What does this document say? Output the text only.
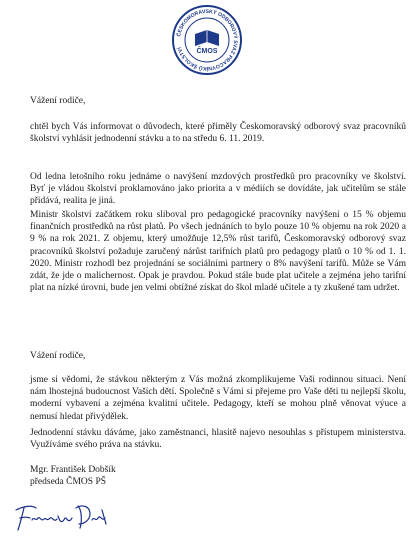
ČESKOMORAVSKÝ ODBOROVÝ SVAZ PRACOVNÍKŮ ŠKOLSTVÍ
ČMOS
Vážení rodiče,
chtěl bych Vás informovat o důvodech, které přiměly Českomoravský odborový svaz pracovníků školství vyhlásit jednodenní stávku a to na středu 6. 11. 2019.
Od ledna letošního roku jednáme o navýšení mzdových prostředků pro pracovníky ve školství. Byť je vládou školství proklamováno jako priorita a v médiích se dovídáte, jak učitelům se stále přidává, realita je jiná.
Ministr školství začátkem roku sliboval pro pedagogické pracovníky navýšení o 15 % objemu finančních prostředků na růst platů. Po všech jednáních to bylo pouze 10 % objemu na rok 2020 a 9 % na rok 2021. Z objemu, který umožňuje 12,5% růst tarifů, Českomoravský odborový svaz pracovníků školství požaduje zaručený nárůst tarifních platů pro pedagogy platů o 10 % od 1. 1. 2020. Ministr rozhodl bez projednání se sociálními partnery o 8% navýšení tarifů. Může se Vám zdát, že jde o malichernost. Opak je pravdou. Pokud stále bude plat učitele a zejména jeho tarifní plat na nízké úrovni, bude jen velmi obtížné získat do škol mladé učitele a ty zkušené tam udržet.
Vážení rodiče,
jsme si vědomi, že stávkou některým z Vás možná zkomplikujeme Vaši rodinnou situaci. Není nám lhostejná budoucnost Vašich dětí. Společně s Vámi si přejeme pro Vaše děti tu nejlepší školu, moderní vybavení a zejména kvalitní učitele. Pedagogy, kteří se mohou plně věnovat výuce a nemusí hledat přivýdělek.
Jednodenní stávku dáváme, jako zaměstnanci, hlasitě najevo nesouhlas s přístupem ministerstva. Využíváme svého práva na stávku.
Mgr. František Dobšík
předseda ČMOS PŠ
